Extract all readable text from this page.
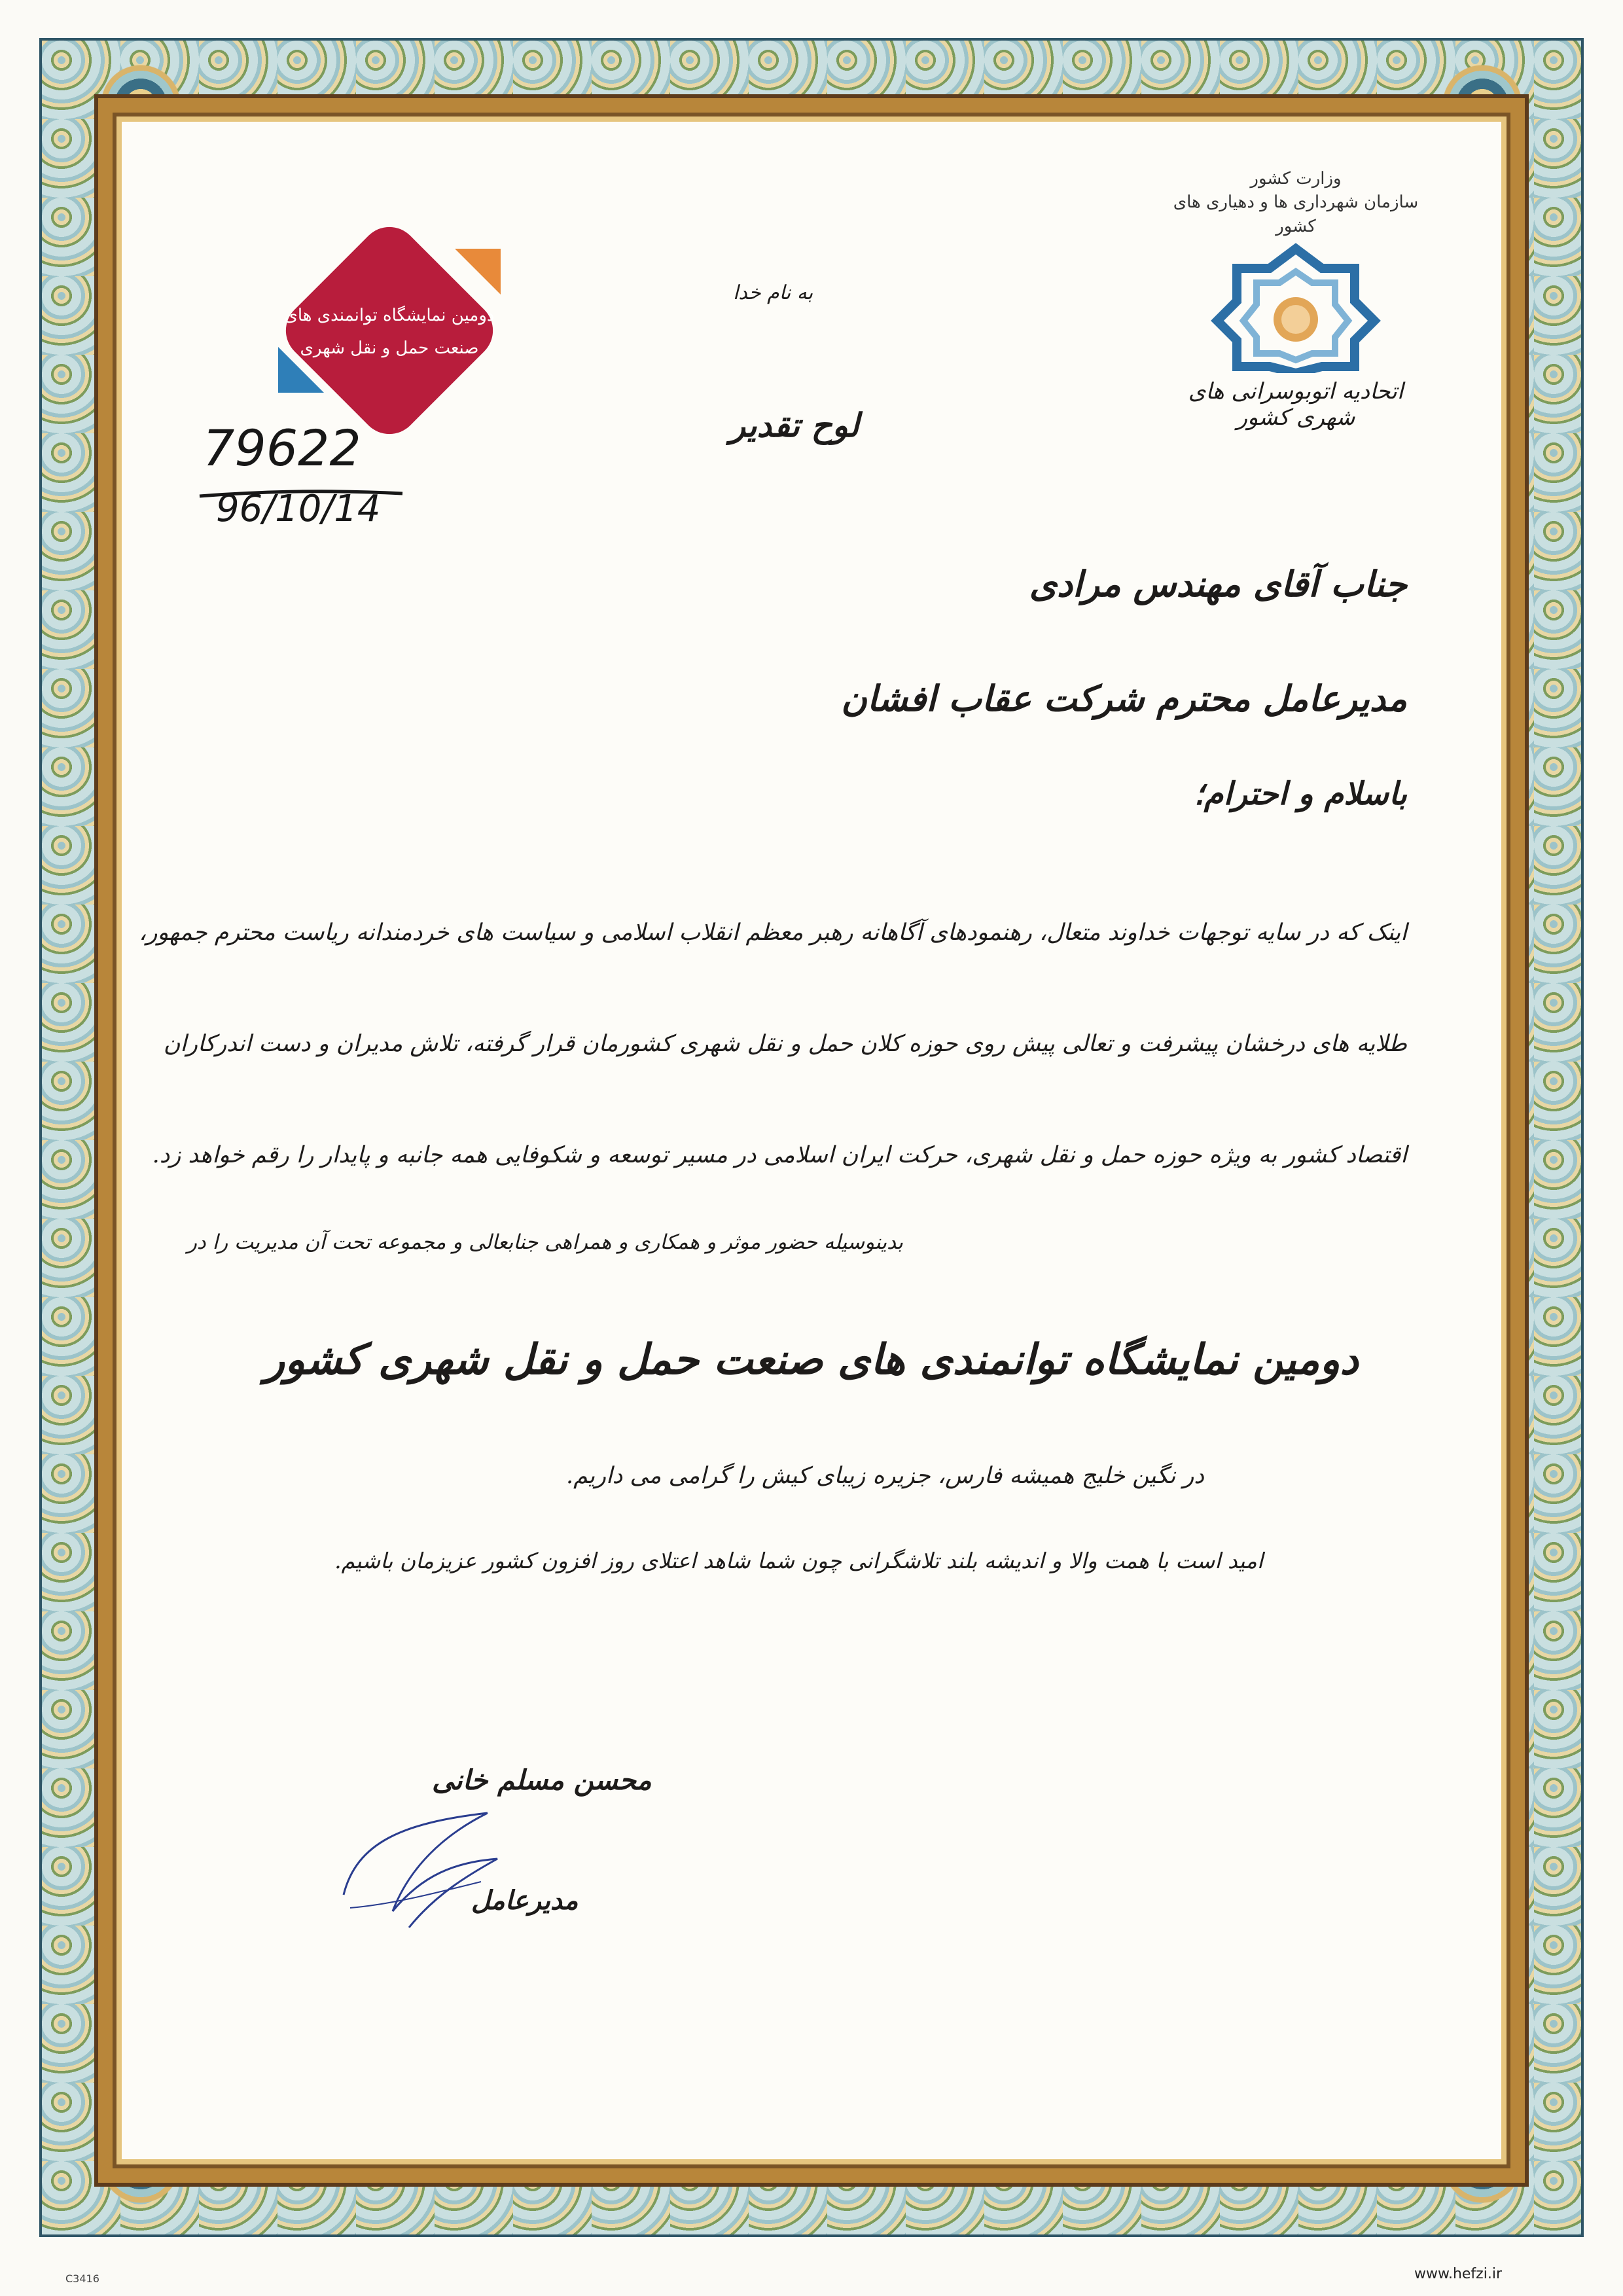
وزارت کشور
سازمان شهرداری ها و دهیاری های کشور
اتحادیه اتوبوسرانی های شهری کشور
دومین نمایشگاه توانمندی های
صنعت حمل و نقل شهری
به نام خدا
لوح تقدیر
79622
96/10/14
جناب آقای مهندس مرادی
مدیرعامل محترم شرکت عقاب افشان
باسلام و احترام؛
اینک که در سایه توجهات خداوند متعال، رهنمودهای آگاهانه رهبر معظم انقلاب اسلامی و سیاست های خردمندانه ریاست محترم جمهور،
طلایه های درخشان پیشرفت و تعالی پیش روی حوزه کلان حمل و نقل شهری کشورمان قرار گرفته، تلاش مدیران و دست اندرکاران
اقتصاد کشور به ویژه حوزه حمل و نقل شهری، حرکت ایران اسلامی در مسیر توسعه و شکوفایی همه جانبه و پایدار را رقم خواهد زد.
بدینوسیله حضور موثر و همکاری و همراهی جنابعالی و مجموعه تحت آن مدیریت را در
دومین نمایشگاه توانمندی های صنعت حمل و نقل شهری کشور
در نگین خلیج همیشه فارس، جزیره زیبای کیش را گرامی می داریم.
امید است با همت والا و اندیشه بلند تلاشگرانی چون شما شاهد اعتلای روز افزون کشور عزیزمان باشیم.
محسن مسلم خانی
مدیرعامل
www.hefzi.ir
C3416
